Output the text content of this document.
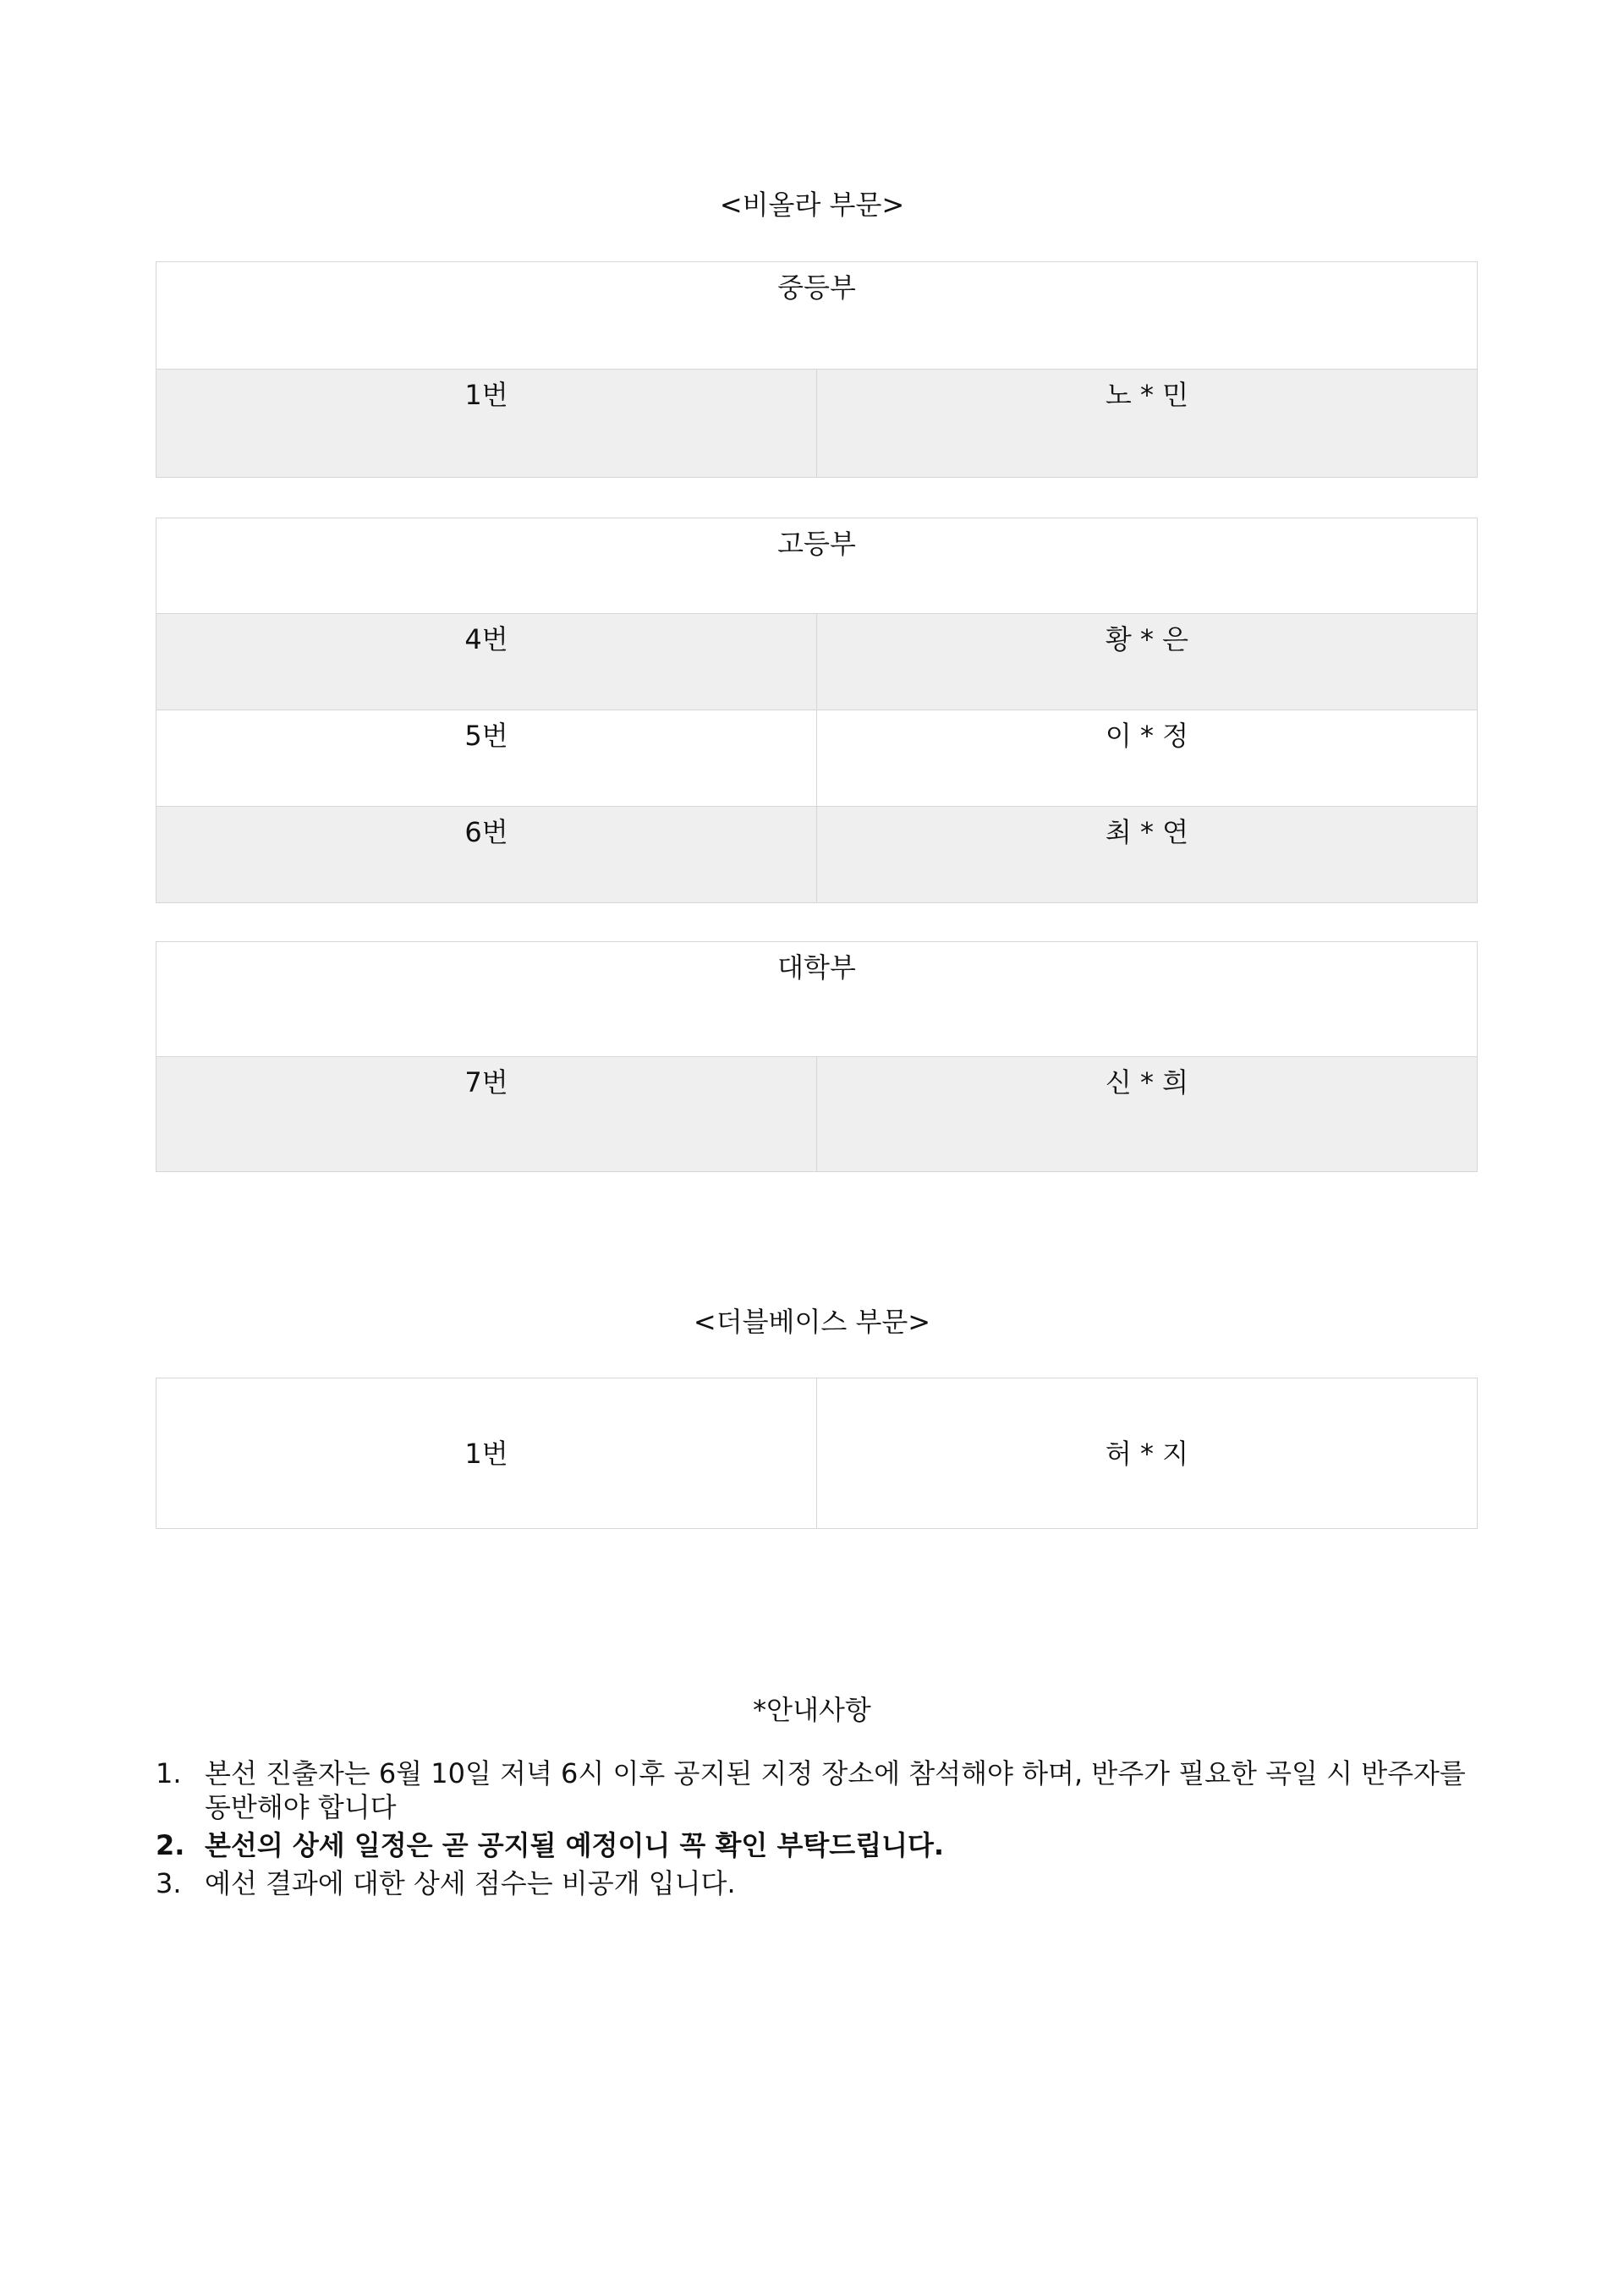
<비올라 부문>
중등부
1번	노 * 민
고등부	
4번	황 * 은
5번	이 * 정
6번	최 * 연
대학부
7번	신 * 희
<더블베이스 부문>
1번	허 * 지
*안내사항
1. 본선 진출자는 6월 10일 저녁 6시 이후 공지된 지정 장소에 참석해야 하며, 반주가 필요한 곡일 시 반주자를 동반해야 합니다
2. 본선의 상세 일정은 곧 공지될 예정이니 꼭 확인 부탁드립니다.
3. 예선 결과에 대한 상세 점수는 비공개 입니다.
